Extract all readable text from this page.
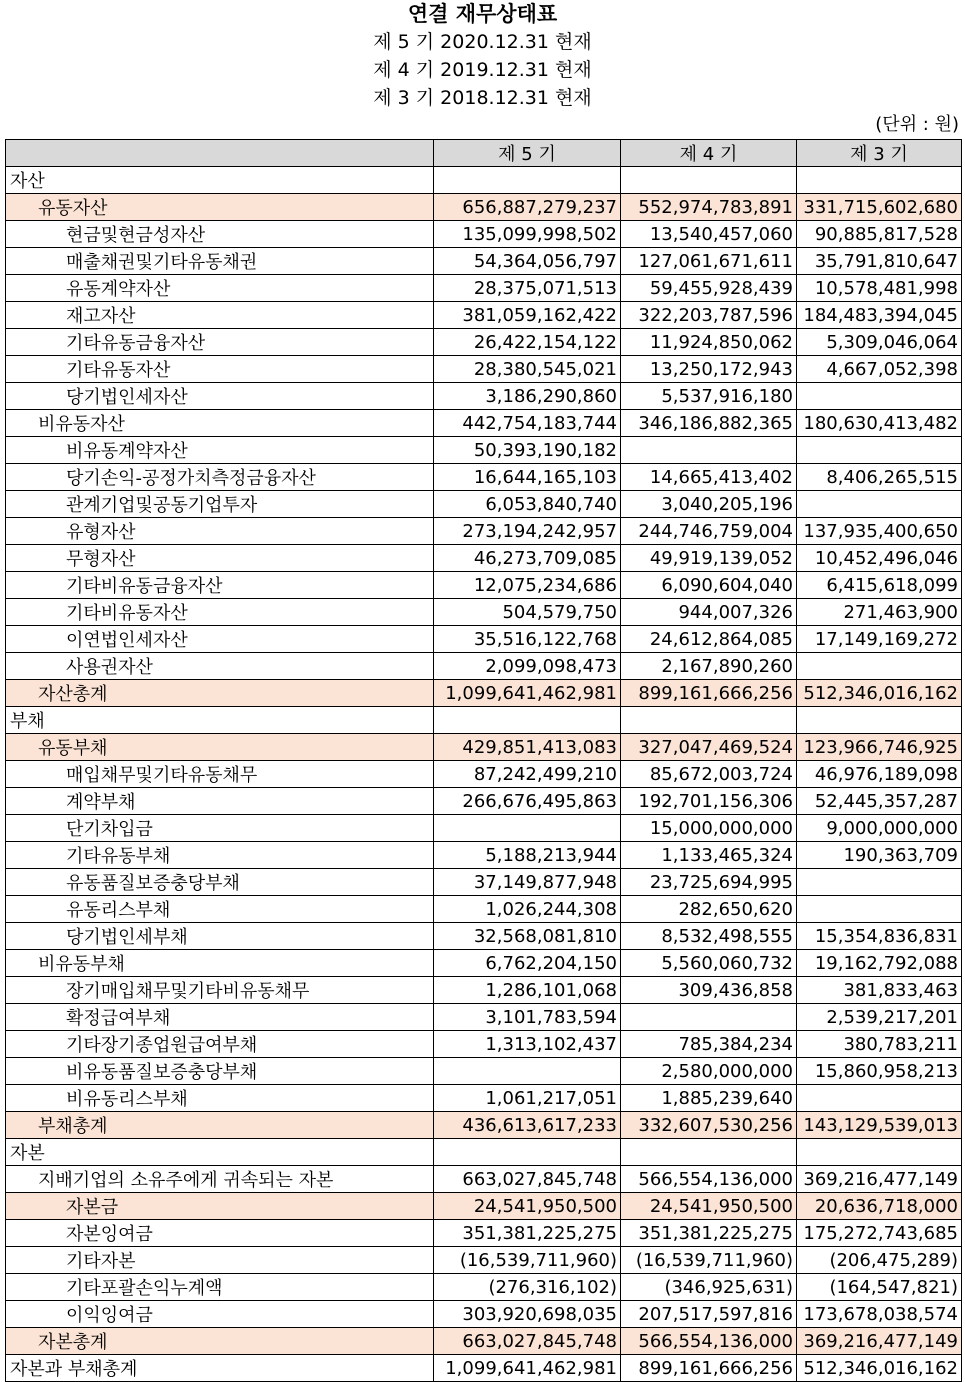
연결 재무상태표
제 5 기 2020.12.31 현재
제 4 기 2019.12.31 현재
제 3 기 2018.12.31 현재
(단위 : 원)
	제 5 기	제 4 기	제 3 기
자산			
유동자산	656,887,279,237	552,974,783,891	331,715,602,680
현금및현금성자산	135,099,998,502	13,540,457,060	90,885,817,528
매출채권및기타유동채권	54,364,056,797	127,061,671,611	35,791,810,647
유동계약자산	28,375,071,513	59,455,928,439	10,578,481,998
재고자산	381,059,162,422	322,203,787,596	184,483,394,045
기타유동금융자산	26,422,154,122	11,924,850,062	5,309,046,064
기타유동자산	28,380,545,021	13,250,172,943	4,667,052,398
당기법인세자산	3,186,290,860	5,537,916,180	
비유동자산	442,754,183,744	346,186,882,365	180,630,413,482
비유동계약자산	50,393,190,182		
당기손익-공정가치측정금융자산	16,644,165,103	14,665,413,402	8,406,265,515
관계기업및공동기업투자	6,053,840,740	3,040,205,196	
유형자산	273,194,242,957	244,746,759,004	137,935,400,650
무형자산	46,273,709,085	49,919,139,052	10,452,496,046
기타비유동금융자산	12,075,234,686	6,090,604,040	6,415,618,099
기타비유동자산	504,579,750	944,007,326	271,463,900
이연법인세자산	35,516,122,768	24,612,864,085	17,149,169,272
사용권자산	2,099,098,473	2,167,890,260	
자산총계	1,099,641,462,981	899,161,666,256	512,346,016,162
부채			
유동부채	429,851,413,083	327,047,469,524	123,966,746,925
매입채무및기타유동채무	87,242,499,210	85,672,003,724	46,976,189,098
계약부채	266,676,495,863	192,701,156,306	52,445,357,287
단기차입금		15,000,000,000	9,000,000,000
기타유동부채	5,188,213,944	1,133,465,324	190,363,709
유동품질보증충당부채	37,149,877,948	23,725,694,995	
유동리스부채	1,026,244,308	282,650,620	
당기법인세부채	32,568,081,810	8,532,498,555	15,354,836,831
비유동부채	6,762,204,150	5,560,060,732	19,162,792,088
장기매입채무및기타비유동채무	1,286,101,068	309,436,858	381,833,463
확정급여부채	3,101,783,594		2,539,217,201
기타장기종업원급여부채	1,313,102,437	785,384,234	380,783,211
비유동품질보증충당부채		2,580,000,000	15,860,958,213
비유동리스부채	1,061,217,051	1,885,239,640	
부채총계	436,613,617,233	332,607,530,256	143,129,539,013
자본			
지배기업의 소유주에게 귀속되는 자본	663,027,845,748	566,554,136,000	369,216,477,149
자본금	24,541,950,500	24,541,950,500	20,636,718,000
자본잉여금	351,381,225,275	351,381,225,275	175,272,743,685
기타자본	(16,539,711,960)	(16,539,711,960)	(206,475,289)
기타포괄손익누계액	(276,316,102)	(346,925,631)	(164,547,821)
이익잉여금	303,920,698,035	207,517,597,816	173,678,038,574
자본총계	663,027,845,748	566,554,136,000	369,216,477,149
자본과 부채총계	1,099,641,462,981	899,161,666,256	512,346,016,162
